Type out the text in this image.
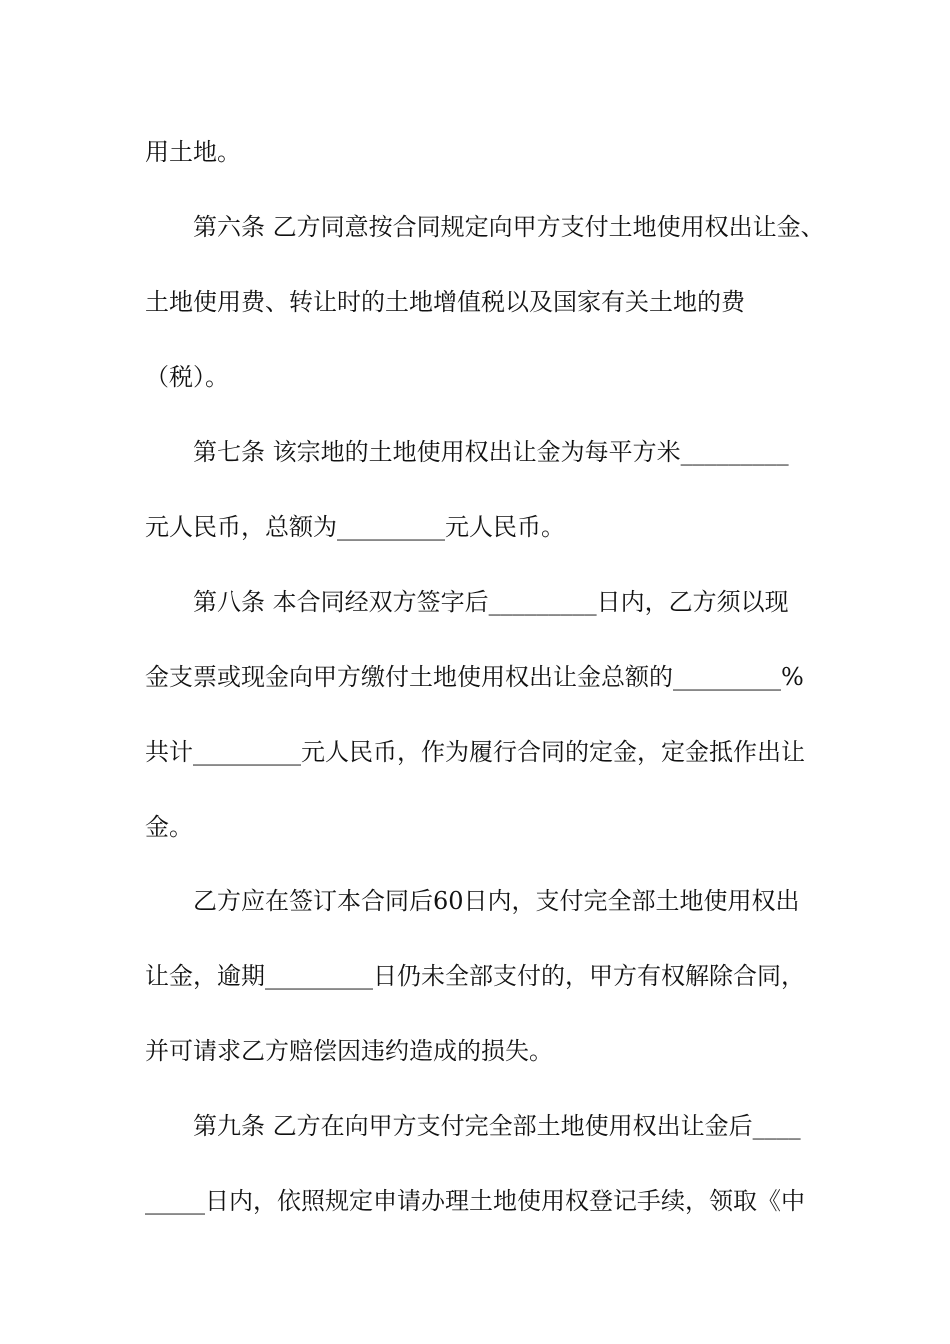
用土地。
第六条 乙方同意按合同规定向甲方支付土地使用权出让金、
土地使用费、转让时的土地增值税以及国家有关土地的费
（税）。
第七条 该宗地的土地使用权出让金为每平方米_________
元人民币，总额为_________元人民币。
第八条 本合同经双方签字后_________日内，乙方须以现
金支票或现金向甲方缴付土地使用权出让金总额的_________%
共计_________元人民币，作为履行合同的定金，定金抵作出让
金。
乙方应在签订本合同后60日内，支付完全部土地使用权出
让金，逾期_________日仍未全部支付的，甲方有权解除合同，
并可请求乙方赔偿因违约造成的损失。
第九条 乙方在向甲方支付完全部土地使用权出让金后____
_____日内，依照规定申请办理土地使用权登记手续，领取《中
